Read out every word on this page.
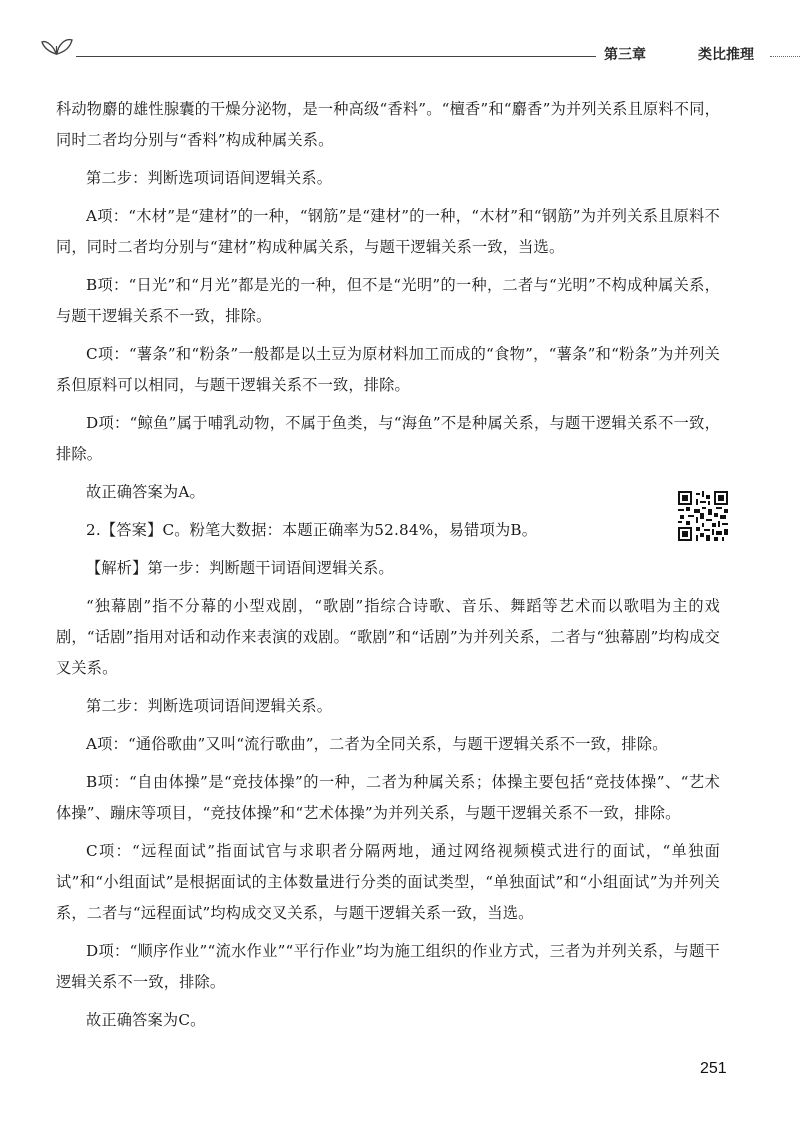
第三章	类比推理

科动物麝的雄性腺囊的干燥分泌物，是一种高级“香料”。“檀香”和“麝香”为并列关系且原料不同，同时二者均分别与“香料”构成种属关系。

第二步：判断选项词语间逻辑关系。

A项：“木材”是“建材”的一种，“钢筋”是“建材”的一种，“木材”和“钢筋”为并列关系且原料不同，同时二者均分别与“建材”构成种属关系，与题干逻辑关系一致，当选。

B项：“日光”和“月光”都是光的一种，但不是“光明”的一种，二者与“光明”不构成种属关系，与题干逻辑关系不一致，排除。

C项：“薯条”和“粉条”一般都是以土豆为原材料加工而成的“食物”，“薯条”和“粉条”为并列关系但原料可以相同，与题干逻辑关系不一致，排除。

D项：“鲸鱼”属于哺乳动物，不属于鱼类，与“海鱼”不是种属关系，与题干逻辑关系不一致，排除。

故正确答案为A。

2.【答案】C。粉笔大数据：本题正确率为52.84%，易错项为B。

【解析】第一步：判断题干词语间逻辑关系。

“独幕剧”指不分幕的小型戏剧，“歌剧”指综合诗歌、音乐、舞蹈等艺术而以歌唱为主的戏剧，“话剧”指用对话和动作来表演的戏剧。“歌剧”和“话剧”为并列关系，二者与“独幕剧”均构成交叉关系。

第二步：判断选项词语间逻辑关系。

A项：“通俗歌曲”又叫“流行歌曲”，二者为全同关系，与题干逻辑关系不一致，排除。

B项：“自由体操”是“竞技体操”的一种，二者为种属关系；体操主要包括“竞技体操”、“艺术体操”、蹦床等项目，“竞技体操”和“艺术体操”为并列关系，与题干逻辑关系不一致，排除。

C项：“远程面试”指面试官与求职者分隔两地，通过网络视频模式进行的面试，“单独面试”和“小组面试”是根据面试的主体数量进行分类的面试类型，“单独面试”和“小组面试”为并列关系，二者与“远程面试”均构成交叉关系，与题干逻辑关系一致，当选。

D项：“顺序作业”“流水作业”“平行作业”均为施工组织的作业方式，三者为并列关系，与题干逻辑关系不一致，排除。

故正确答案为C。

251
